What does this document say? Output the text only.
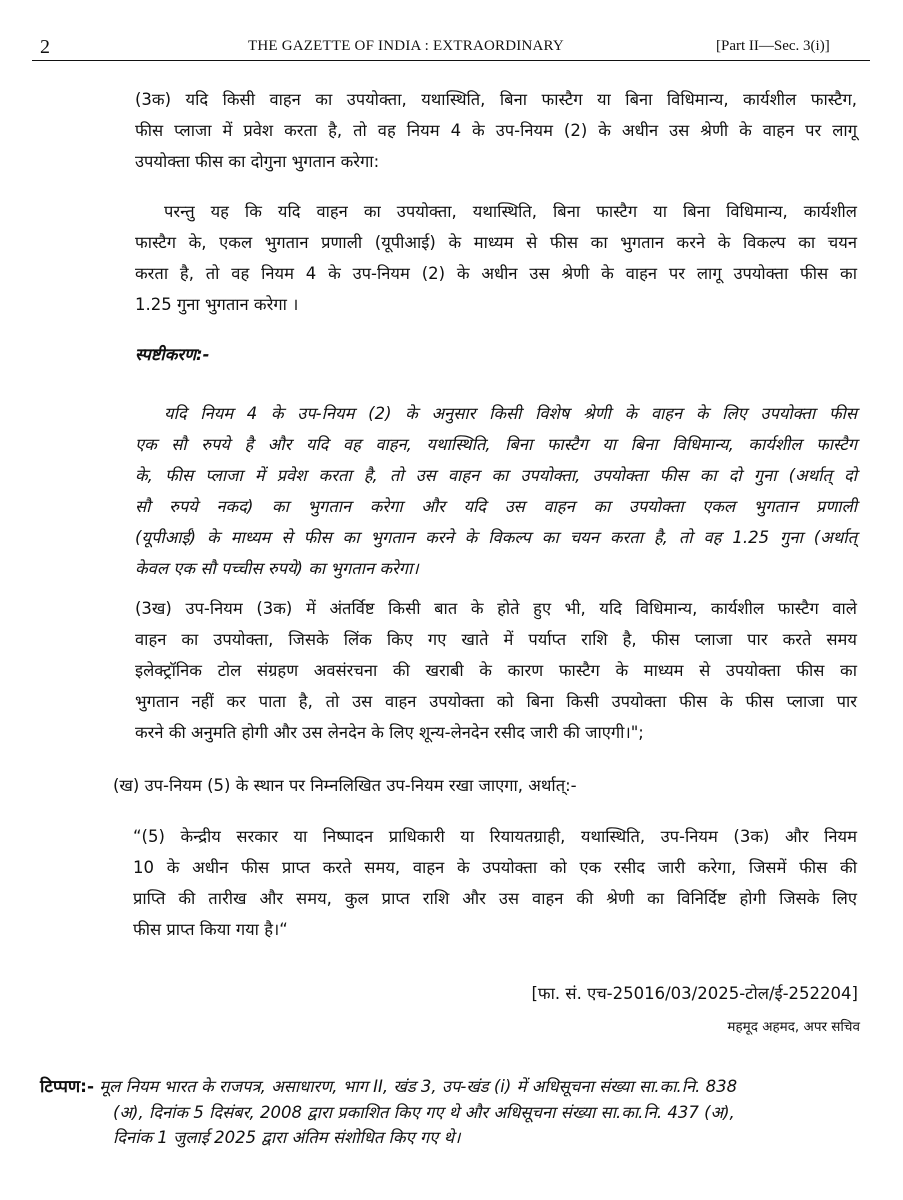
2	THE GAZETTE OF INDIA : EXTRAORDINARY	[Part II—Sec. 3(i)]
(3क) यदि किसी वाहन का उपयोक्ता, यथास्थिति, बिना फास्टैग या बिना विधिमान्य, कार्यशील फास्टैग,
फीस प्लाजा में प्रवेश करता है, तो वह नियम 4 के उप-नियम (2) के अधीन उस श्रेणी के वाहन पर लागू
उपयोक्ता फीस का दोगुना भुगतान करेगा:
परन्तु यह कि यदि वाहन का उपयोक्ता, यथास्थिति, बिना फास्टैग या बिना विधिमान्य, कार्यशील
फास्टैग के, एकल भुगतान प्रणाली (यूपीआई) के माध्यम से फीस का भुगतान करने के विकल्प का चयन
करता है, तो वह नियम 4 के उप-नियम (2) के अधीन उस श्रेणी के वाहन पर लागू उपयोक्ता फीस का
1.25 गुना भुगतान करेगा ।
स्पष्टीकरण:-
यदि नियम 4 के उप-नियम (2) के अनुसार किसी विशेष श्रेणी के वाहन के लिए उपयोक्ता फीस
एक सौ रुपये है और यदि वह वाहन, यथास्थिति, बिना फास्टैग या बिना विधिमान्य, कार्यशील फास्टैग
के, फीस प्लाजा में प्रवेश करता है, तो उस वाहन का उपयोक्ता, उपयोक्ता फीस का दो गुना (अर्थात् दो
सौ रुपये नकद) का भुगतान करेगा और यदि उस वाहन का उपयोक्ता एकल भुगतान प्रणाली
(यूपीआई) के माध्यम से फीस का भुगतान करने के विकल्प का चयन करता है, तो वह 1.25 गुना (अर्थात्
केवल एक सौ पच्चीस रुपये) का भुगतान करेगा।
(3ख) उप-नियम (3क) में अंतर्विष्ट किसी बात के होते हुए भी, यदि विधिमान्य, कार्यशील फास्टैग वाले
वाहन का उपयोक्ता, जिसके लिंक किए गए खाते में पर्याप्त राशि है, फीस प्लाजा पार करते समय
इलेक्ट्रॉनिक टोल संग्रहण अवसंरचना की खराबी के कारण फास्टैग के माध्यम से उपयोक्ता फीस का
भुगतान नहीं कर पाता है, तो उस वाहन उपयोक्ता को बिना किसी उपयोक्ता फीस के फीस प्लाजा पार
करने की अनुमति होगी और उस लेनदेन के लिए शून्य-लेनदेन रसीद जारी की जाएगी।";
(ख) उप-नियम (5) के स्थान पर निम्नलिखित उप-नियम रखा जाएगा, अर्थात्:-
“(5) केन्द्रीय सरकार या निष्पादन प्राधिकारी या रियायतग्राही, यथास्थिति, उप-नियम (3क) और नियम
10 के अधीन फीस प्राप्त करते समय, वाहन के उपयोक्ता को एक रसीद जारी करेगा, जिसमें फीस की
प्राप्ति की तारीख और समय, कुल प्राप्त राशि और उस वाहन की श्रेणी का विनिर्दिष्ट होगी जिसके लिए
फीस प्राप्त किया गया है।“
[फा. सं. एच-25016/03/2025-टोल/ई-252204]
महमूद अहमद, अपर सचिव
टिप्पण:- मूल नियम भारत के राजपत्र, असाधारण, भाग II, खंड 3, उप-खंड (i) में अधिसूचना संख्या सा.का.नि. 838
(अ), दिनांक 5 दिसंबर, 2008 द्वारा प्रकाशित किए गए थे और अधिसूचना संख्या सा.का.नि. 437 (अ),
दिनांक 1 जुलाई 2025 द्वारा अंतिम संशोधित किए गए थे।
